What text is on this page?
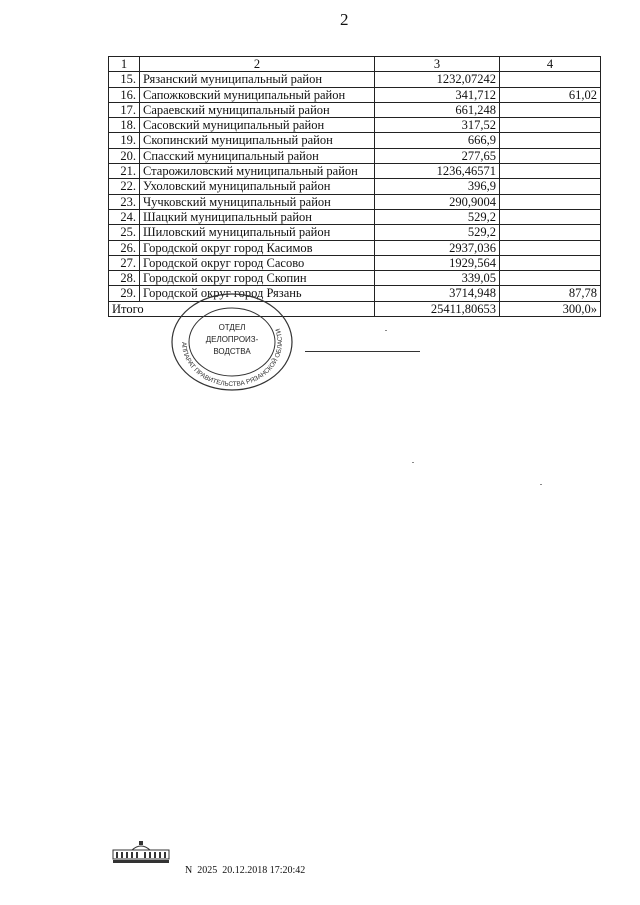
2
1	2	3	4
15.	Рязанский муниципальный район	1232,07242	
16.	Сапожковский муниципальный район	341,712	61,02
17.	Сараевский муниципальный район	661,248	
18.	Сасовский муниципальный район	317,52	
19.	Скопинский муниципальный район	666,9	
20.	Спасский муниципальный район	277,65	
21.	Старожиловский муниципальный район	1236,46571	
22.	Ухоловский муниципальный район	396,9	
23.	Чучковский муниципальный район	290,9004	
24.	Шацкий муниципальный район	529,2	
25.	Шиловский муниципальный район	529,2	
26.	Городской округ город Касимов	2937,036	
27.	Городской округ город Сасово	1929,564	
28.	Городской округ город Скопин	339,05	
29.	Городской округ город Рязань	3714,948	87,78
Итого		25411,80653	300,0»
АППАРАТ ПРАВИТЕЛЬСТВА РЯЗАНСКОЙ ОБЛАСТИ
ОТДЕЛ
ДЕЛОПРОИЗ-
ВОДСТВА
N 2025 20.12.2018 17:20:42
